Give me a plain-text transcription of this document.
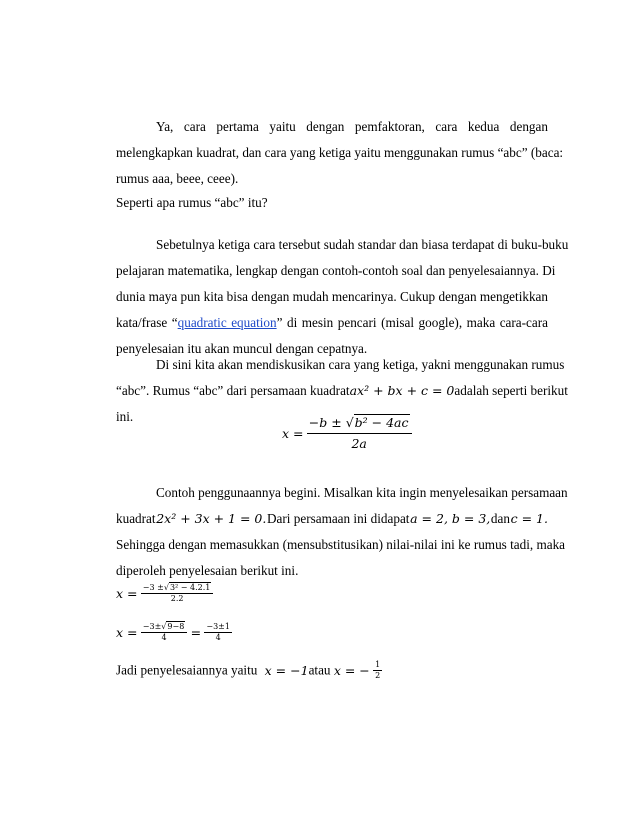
Ya, cara pertama yaitu dengan pemfaktoran, cara kedua dengan
melengkapkan kuadrat, dan cara yang ketiga yaitu menggunakan rumus “abc” (baca:
rumus aaa, beee, ceee).
Seperti apa rumus “abc” itu?
Sebetulnya ketiga cara tersebut sudah standar dan biasa terdapat di buku-buku
pelajaran matematika, lengkap dengan contoh-contoh soal dan penyelesaiannya. Di
dunia maya pun kita bisa dengan mudah mencarinya. Cukup dengan mengetikkan
kata/frase “quadratic equation” di mesin pencari (misal google), maka cara-cara
penyelesaian itu akan muncul dengan cepatnya.
Di sini kita akan mendiskusikan cara yang ketiga, yakni menggunakan rumus
“abc”. Rumus “abc” dari persamaan kuadrat ax² + bx + c = 0 adalah seperti berikut
ini.
$x = \frac{\text{−b ± √b² − 4ac}}{2a}$
Contoh penggunaannya begini. Misalkan kita ingin menyelesaikan persamaan
kuadrat 2x² + 3x + 1 = 0. Dari persamaan ini didapat a = 2, b = 3, dan c = 1.
Sehingga dengan memasukkan (mensubstitusikan) nilai-nilai ini ke rumus tadi, maka
diperoleh penyelesaian berikut ini.
$x = \frac{\text{−3 ±√3² − 4.2.1}}{2.2}$
$x = \frac{-3\pm√9-8}{4} = \frac{-3\pm 1}{4}$
Jadi penyelesaiannya yaitu x = −1atau x = − $\frac{1}{2}$
